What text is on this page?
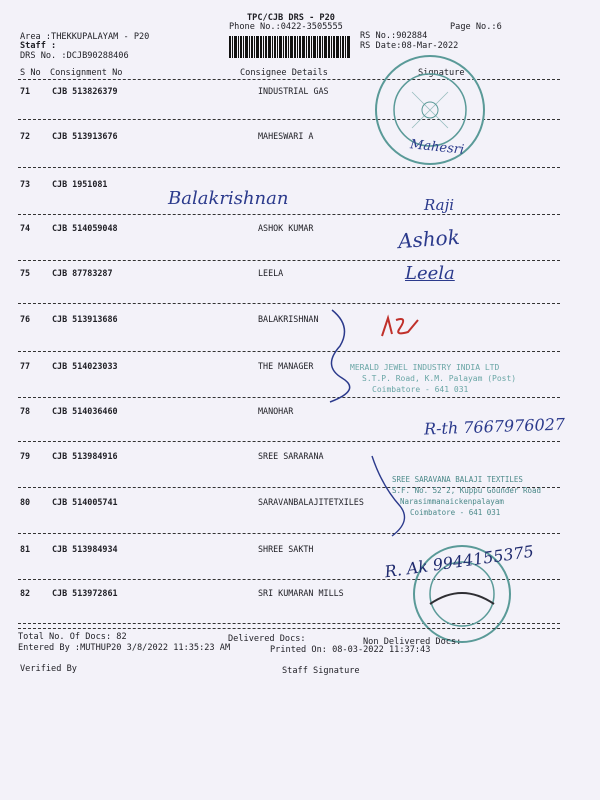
TPC/CJB DRS - P20
Phone No.:0422-3505555	Page No.:6
Area :THEKKUPALAYAM - P20
Staff :
DRS No. :DCJB90288406
RS No.:902884
RS Date:08-Mar-2022
S No Consignment No	Consignee Details	Signature
71	CJB 513826379	INDUSTRIAL GAS
72	CJB 513913676	MAHESWARI A
73	CJB 1951081
74	CJB 514059048	ASHOK KUMAR
75	CJB 87783287	LEELA
76	CJB 513913686	BALAKRISHNAN
77	CJB 514023033	THE MANAGER
78	CJB 514036460	MANOHAR
79	CJB 513984916	SREE SARARANA
80	CJB 514005741	SARAVANBALAJITETXILES
81	CJB 513984934	SHREE SAKTH
82	CJB 513972861	SRI KUMARAN MILLS
MERALD JEWEL INDUSTRY INDIA LTD
S.T.P. Road, K.M. Palayam (Post)
Coimbatore - 641 031
SREE SARAVANA BALAJI TEXTILES
S.F. No. 52 2, Kuppu Gounder Road
Narasimmanaickenpalayam
Coimbatore - 641 031
Mahesri
Balakrishnan	Raji
Ashok
Leela
R-th 7667976027
R. Ak 9944155375
Total No. Of Docs: 82	Delivered Docs:	Non Delivered Docs:
Entered By :MUTHUP20 3/8/2022 11:35:23 AM	Printed On: 08-03-2022 11:37:43
Verified By	Staff Signature
